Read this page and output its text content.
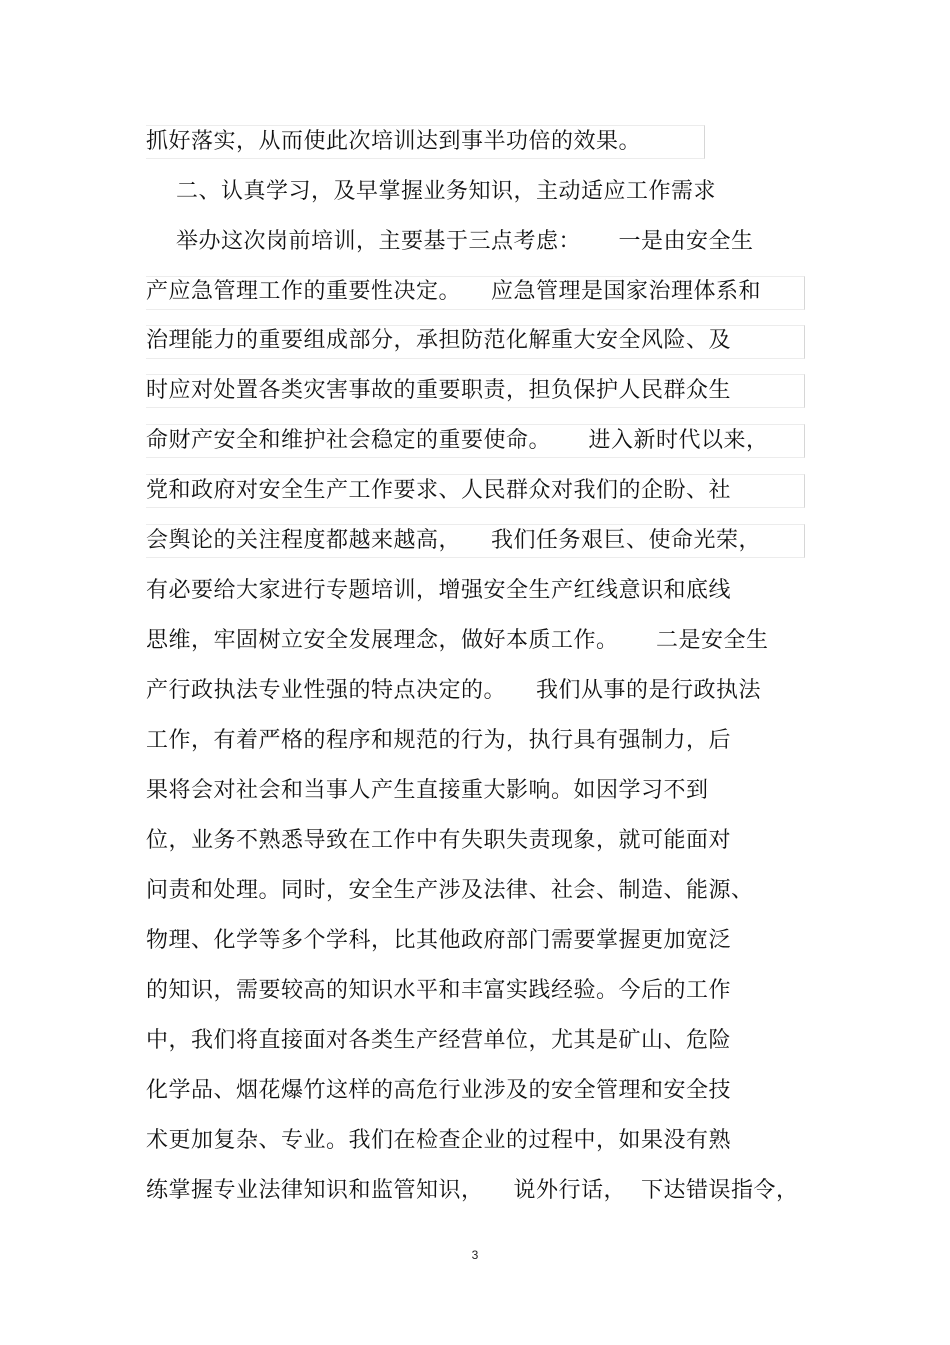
抓好落实，从而使此次培训达到事半功倍的效果。
二、认真学习，及早掌握业务知识，主动适应工作需求
举办这次岗前培训，主要基于三点考虑：     一是由安全生
产应急管理工作的重要性决定。    应急管理是国家治理体系和
治理能力的重要组成部分，承担防范化解重大安全风险、及
时应对处置各类灾害事故的重要职责，担负保护人民群众生
命财产安全和维护社会稳定的重要使命。     进入新时代以来，
党和政府对安全生产工作要求、人民群众对我们的企盼、社
会舆论的关注程度都越来越高，    我们任务艰巨、使命光荣，
有必要给大家进行专题培训，增强安全生产红线意识和底线
思维，牢固树立安全发展理念，做好本质工作。     二是安全生
产行政执法专业性强的特点决定的。    我们从事的是行政执法
工作，有着严格的程序和规范的行为，执行具有强制力，后
果将会对社会和当事人产生直接重大影响。如因学习不到
位，业务不熟悉导致在工作中有失职失责现象，就可能面对
问责和处理。同时，安全生产涉及法律、社会、制造、能源、
物理、化学等多个学科，比其他政府部门需要掌握更加宽泛
的知识，需要较高的知识水平和丰富实践经验。今后的工作
中，我们将直接面对各类生产经营单位，尤其是矿山、危险
化学品、烟花爆竹这样的高危行业涉及的安全管理和安全技
术更加复杂、专业。我们在检查企业的过程中，如果没有熟
练掌握专业法律知识和监管知识，    说外行话，  下达错误指令，
3
